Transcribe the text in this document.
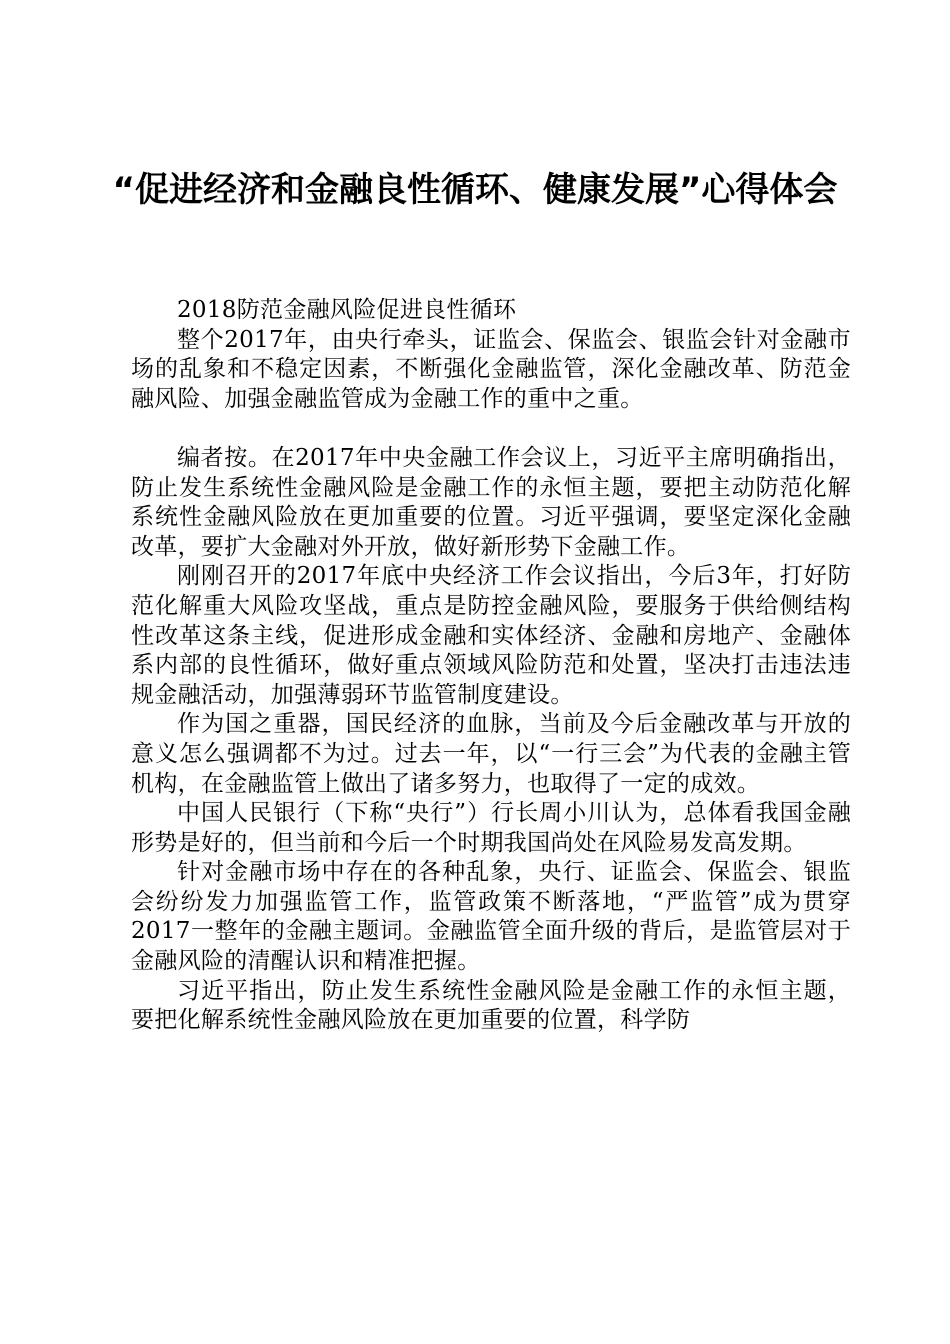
“促进经济和金融良性循环、健康发展”心得体会

2018防范金融风险促进良性循环

整个2017年，由央行牵头，证监会、保监会、银监会针对金融市场的乱象和不稳定因素，不断强化金融监管，深化金融改革、防范金融风险、加强金融监管成为金融工作的重中之重。

编者按。在2017年中央金融工作会议上，习近平主席明确指出，防止发生系统性金融风险是金融工作的永恒主题，要把主动防范化解系统性金融风险放在更加重要的位置。习近平强调，要坚定深化金融改革，要扩大金融对外开放，做好新形势下金融工作。

刚刚召开的2017年底中央经济工作会议指出，今后3年，打好防范化解重大风险攻坚战，重点是防控金融风险，要服务于供给侧结构性改革这条主线，促进形成金融和实体经济、金融和房地产、金融体系内部的良性循环，做好重点领域风险防范和处置，坚决打击违法违规金融活动，加强薄弱环节监管制度建设。

作为国之重器，国民经济的血脉，当前及今后金融改革与开放的意义怎么强调都不为过。过去一年，以“一行三会”为代表的金融主管机构，在金融监管上做出了诸多努力，也取得了一定的成效。

中国人民银行（下称“央行”）行长周小川认为，总体看我国金融形势是好的，但当前和今后一个时期我国尚处在风险易发高发期。

针对金融市场中存在的各种乱象，央行、证监会、保监会、银监会纷纷发力加强监管工作，监管政策不断落地，“严监管”成为贯穿2017一整年的金融主题词。金融监管全面升级的背后，是监管层对于金融风险的清醒认识和精准把握。

习近平指出，防止发生系统性金融风险是金融工作的永恒主题，要把化解系统性金融风险放在更加重要的位置，科学防
